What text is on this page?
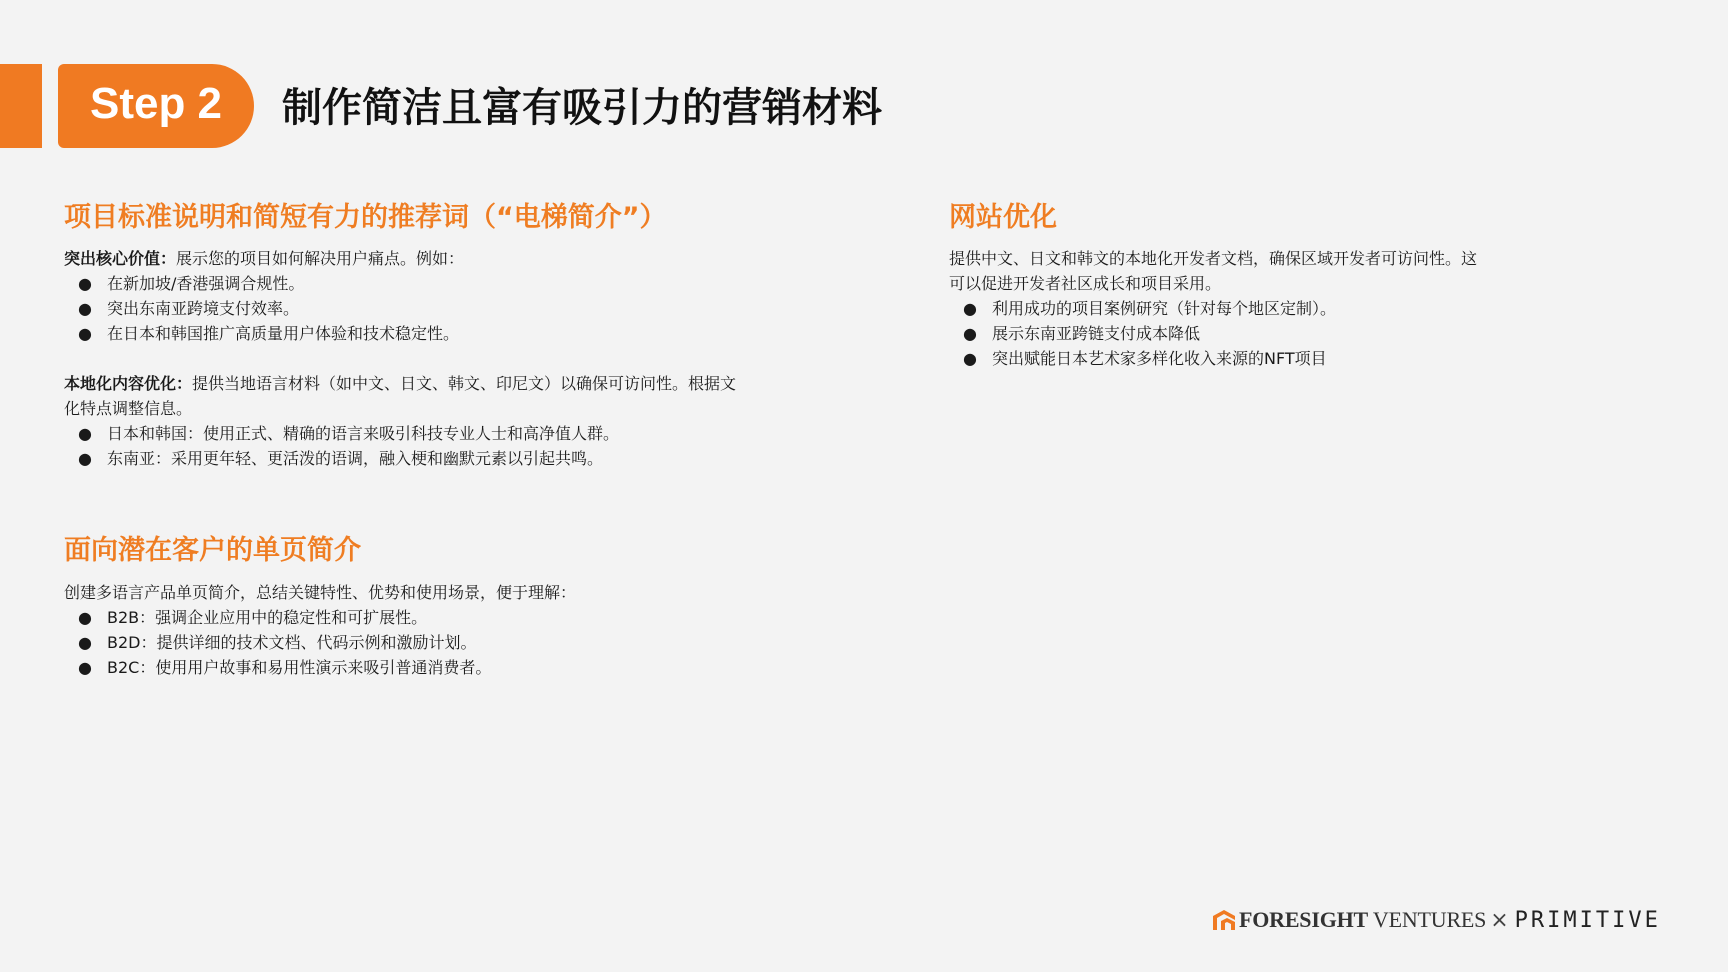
Step 2	制作简洁且富有吸引力的营销材料
项目标准说明和简短有力的推荐词（“电梯简介”）

突出核心价值：展示您的项目如何解决用户痛点。例如：

● 在新加坡/香港强调合规性。
● 突出东南亚跨境支付效率。
● 在日本和韩国推广高质量用户体验和技术稳定性。

本地化内容优化：提供当地语言材料（如中文、日文、韩文、印尼文）以确保可访问性。根据文

化特点调整信息。

● 日本和韩国：使用正式、精确的语言来吸引科技专业人士和高净值人群。
● 东南亚：采用更年轻、更活泼的语调，融入梗和幽默元素以引起共鸣。
面向潜在客户的单页简介

创建多语言产品单页简介，总结关键特性、优势和使用场景，便于理解：

● B2B：强调企业应用中的稳定性和可扩展性。
● B2D：提供详细的技术文档、代码示例和激励计划。
● B2C：使用用户故事和易用性演示来吸引普通消费者。
网站优化

提供中文、日文和韩文的本地化开发者文档，确保区域开发者可访问性。这

可以促进开发者社区成长和项目采用。

● 利用成功的项目案例研究（针对每个地区定制）。
● 展示东南亚跨链支付成本降低
● 突出赋能日本艺术家多样化收入来源的NFT项目
FORESIGHT VENTURES × PRIMITIVE
